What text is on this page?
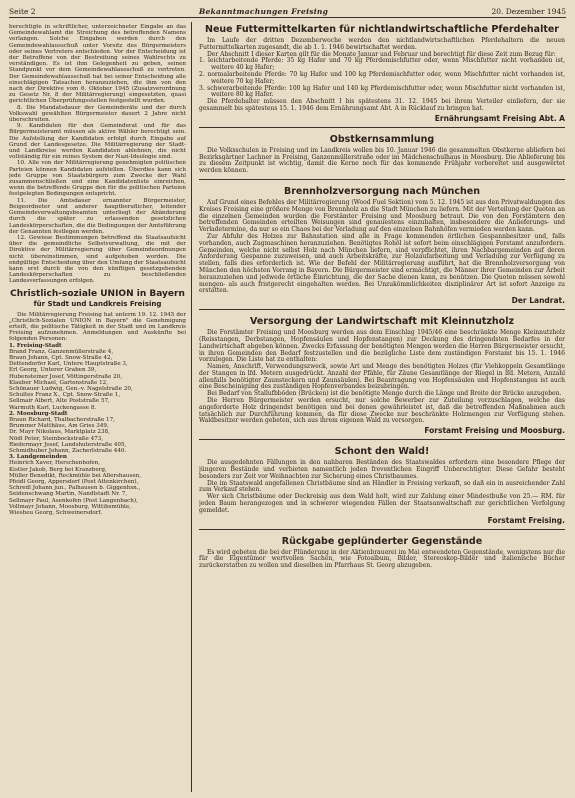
Seite 2	Bekanntmachungen Freising	20. Dezember 1945

berechtigte in schriftlicher, unterzeichneter Eingabe an das Gemeindewahlamt die Streichung des betreffenden Namens verlangen. Solche Eingaben werden durch den Gemeindewahlausschuß unter Vorsitz des Bürgermeisters oder seines Vertreters entschieden. Vor der Entscheidung ist der Betroffene von der Bestreitung seines Wahlrechts zu verständigen. Es ist ihm Gelegenheit zu geben, seinen Standpunkt vor dem Gemeindewahlausschuß zu vertreten. Der Gemeindewahlausschuß hat bei seiner Entscheidung alle einschlägigen Tatsachen heranzuziehen, die ihm von den nach der Direktive vom 6. Oktober 1945 (Zusatzverordnung zu Gesetz Nr. 8 der Militärregierung) eingesetzten, quasi gerichtlichen Überprüfungsstellen festgestellt wurden.

8. Die Mandatsdauer der Gemeinderäte und der durch Volkswahl gewählten Bürgermeister dauert 2 Jahre nicht überschreiten.

9. Kandidaten für den Gemeinderat und für das Bürgermeisteramt müssen als aktive Wähler berechtigt sein. Die Aufstellung der Kandidaten erfolgt durch Eingabe auf Grund der Landesgesetze. Die Militärregierung der Stadt- und Landkreise werden Kandidaten ablehnen, die nicht vollständig für ein reines System der Nazi-Ideologie sind.

10. Alle von der Militärregierung genehmigten politischen Parteien können Kandidaten aufstellen. Überdies kann sich jede Gruppe von Staatsbürgern zum Zwecke der Wahl zusammenschließen und eine Kandidatenliste einreichen, wenn die betreffende Gruppe den für die politischen Parteien festgelegten Bedingungen entspricht.

11. Die Amtsdauer ernannter Bürgermeister, Beigeordneter und anderer hauptberuflicher, leitender Gemeindeverwaltungsbeamten unterliegt der Abänderung durch die später zu erlassenden gesetzlichen Landeskörperschaften, die die Bedingungen der Amtsführung der Genannten festlegen werden.

12. Gewisse Bestimmungen betreffend die Staatsaufsicht über die gemeindliche Selbstverwaltung, die mit der Direktive der Militärregierung über Gemeindeordnungen nicht übereinstimmen, sind aufgehoben worden. Die endgültige Entscheidung über den Umfang der Staatsaufsicht kann erst durch die von den künftigen gesetzgebenden Landeskörperschaften zu beschließenden Landesverfassungen erfolgen.

Christlich-soziale UNION in Bayern
für Stadt und Landkreis Freising

Die Militärregierung Freising hat unterm 19. 12. 1945 der „Christlich-Sozialen UNION in Bayern" die Genehmigung erteilt, die politische Tätigkeit in der Stadt und im Landkreis Freising aufzunehmen. Anmeldungen und Auskünfte bei folgenden Personen:

1. Freising-Stadt

Brand Franz, Ganzenmüllerstraße 4,

Braun Johann, Cpt. Snow-Straße 42,

Dettendorfer Karl, Untere Hauptstraße 3,

Erl Georg, Unterer Graben 39,

Hubensteiner Josef, Vöttingerstraße 20,

Klauber Michael, Gartenstraße 12,

Schönauer Ludwig, Gen.-v. Nagelstraße 20,

Schultes Franz X., Cpt. Snow-Straße 1,

Sellmair Albert, Alte Poststraße 57,

Warmuth Karl, Luckengasse 8.

2. Moosburg-Stadt

Braun Richard, Thalbacherstraße 17,

Brummer Matthäus, Am Gries 349,

Dr. Mayr Nikolaus, Marktplatz 238,

Nödl Peter, Steinbockstraße 473,

Riedermayr Josef, Landshuterstraße 405,

Schmidhuber Johann, Zacherlstraße 440.

3. Landgemeinden

Heinrich Xaver, Herschenhofen,

Kistler Jakob, Berg bei Kranzberg,

Müller Benedikt, Reckmühle bei Allershausen,

Pfeidl Georg, Appersdorf (Post Attenkirchen),

Schredl Johann jun., Palhausen b. Giggenhsn.,

Seidenschwang Martin, Nandlstadt Nr. 7,

Sellmayr Paul, Asenkofen (Post Langenbach),

Vollmayr Johann, Moosburg, Wittibsmühle,

Wiesheu Georg, Schweinersdorf.

Neue Futtermittelkarten für nichtlandwirtschaftliche Pferdehalter

Im Laufe der dritten Dezemberwoche werden den nichtlandwirtschaftlichen Pferdehaltern die neuen Futtermittelkarten zugesandt, die ab 1. 1. 1946 bewirtschaftet werden.

Der Abschnitt I dieser Karten gilt für die Monate Januar und Februar und berechtigt für diese Zeit zum Bezug für:

1. leichtarbeitende Pferde: 35 kg Hafer und 70 kg Pferdemischfutter oder, wenn Mischfutter nicht vorhanden ist, weitere 40 kg Hafer;

2. normalarbeitende Pferde: 70 kg Hafer und 100 kg Pferdemischfutter oder, wenn Mischfutter nicht vorhanden ist, weitere 70 kg Hafer;

3. schwerarbeitende Pferde: 100 kg Hafer und 140 kg Pferdemischfutter oder, wenn Mischfutter nicht vorhanden ist, weitere 80 kg Hafer.

Die Pferdehalter müssen den Abschnitt I bis spätestens 31. 12. 1945 bei ihrem Verteiler einliefern, der sie gesammelt bis spätestens 15. 1. 1946 dem Ernährungsamt Abt. A in Rücklauf zu bringen hat.

Ernährungsamt Freising Abt. A
Obstkernsammlung

Die Volksschulen in Freising und im Landkreis wollen bis 10. Januar 1946 die gesammelten Obstkerne abliefern bei Bezirksgärtner Lachner in Freising, Ganzenmüllerstraße oder im Mädchenschulhaus in Moosburg. Die Ablieferung bis zu diesem Zeitpunkt ist wichtig, damit die Kerne noch für das kommende Frühjahr vorbereitet und ausgewertet werden können.

Brennholzversorgung nach München

Auf Grund eines Befehles der Militärregierung (Wood Fuel Sektion) vom 5. 12. 1945 ist aus den Privatwaldungen des Kreises Freising eine größere Menge von Brennholz an die Stadt München zu liefern. Mit der Verteilung der Quoten an die einzelnen Gemeinden wurden die Forstämter Freising und Moosburg betraut. Die von den Forstämtern den betreffenden Gemeinden erteilten Weisungen sind genauestens einzuhalten, insbesondere die Anlieferungs- und Verladetermine, da nur so ein Chaos bei der Verladung auf den einzelnen Bahnhöfen vermieden werden kann.

Zur Abfuhr des Holzes zur Bahnstation sind alle in Frage kommenden örtlichen Gespannbesitzer und, falls vorhanden, auch Zugmaschinen heranzuziehen. Benötigtes Rohöl ist sofort beim einschlägigen Forstamt anzufordern. Gemeinden, welche nicht selbst Holz nach München liefern, sind verpflichtet, ihren Nachbargemeinden auf deren Anforderung Gespanne zuzuweisen, und auch Arbeitskräfte, zur Holzaufarbeitung und Verladung zur Verfügung zu stellen, falls dies erforderlich ist. Wie der Befehl der Militärregierung ausführt, hat die Brennholzversorgung von München den höchsten Vorrang in Bayern. Die Bürgermeister sind ermächtigt, die Männer ihrer Gemeinden zur Arbeit heranzuziehen und jedwede örtliche Einrichtung, die der Sache dienen kann, zu benützen. Die Quoten müssen sowohl mengen- als auch fristgerecht eingehalten werden. Bei Unzukömmlichkeiten disziplinärer Art ist sofort Anzeige zu erstatten.

Der Landrat.
Versorgung der Landwirtschaft mit Kleinnutzholz

Die Forstämter Freising und Moosburg werden aus dem Einschlag 1945/46 eine beschränkte Menge Kleinnutzholz (Reisstangen, Derbstangen, Hopfensäulen und Hopfenstangen) zur Deckung des dringendsten Bedarfes in der Landwirtschaft abgeben können. Zwecks Erfassung der benötigten Mengen werden die Herren Bürgermeister ersucht, in ihren Gemeinden den Bedarf festzustellen und die bezügliche Liste dem zuständigen Forstamt bis 15. 1. 1946 vorzulegen. Die Liste hat zu enthalten:

Namen, Anschrift, Verwendungszweck, sowie Art und Menge des benötigten Holzes (für Viehkoppeln Gesamtlänge der Stangen in lfd. Metern ausgedrückt. Anzahl der Pfähle, für Zäune Gesamtlänge der Riegel in lfd. Metern, Anzahl allenfalls benötigter Zaunsteckern und Zaunsäulen). Bei Beantragung von Hopfensäulen und Hopfenstangen ist auch eine Bescheinigung des zuständigen Hopfenverbandes beizubringen.

Bei Bedarf von Stallufbböden (Brücken) ist die benötigte Menge durch die Länge und Breite der Brücke anzugeben.

Die Herren Bürgermeister werden ersucht, nur solche Bewerber zur Zuteilung vorzuschlagen, welche das angeforderte Holz dringendst benötigen und bei denen gewährleistet ist, daß die betreffenden Maßnahmen auch tatsächlich zur Durchführung kommen, da für diese Zwecke nur beschränkte Holzmengen zur Verfügung stehen. Waldbesitzer werden gebeten, sich aus ihrem eigenen Wald zu versorgen.

Forstamt Freising und Moosburg.
Schont den Wald!

Die ausgedehnten Fällungen in den nahbaren Beständen des Staatswaldes erfordern eine besondere Pflege der jüngeren Bestände und verbieten namentlich jeden freventlichen Eingriff Unberechtigter. Diese Gefahr besteht besonders zur Zeit vor Weihnachten zur Sicherung eines Christbaumes.

Die im Staatswald angefallenen Christbäume sind an Händler in Freising verkauft, so daß ein in ausreichender Zahl zum Verkauf stehen.

Wer sich Christbäume oder Deckreisig aus dem Wald holt, wird zur Zahlung einer Mindestbuße von 25.— RM. für jeden Baum herangezogen und in schwerer wiegenden Fällen der Staatsanwaltschaft zur gerichtlichen Verfolgung gemeldet.

Forstamt Freising.
Rückgabe geplünderter Gegenstände

Es wird gebeten die bei der Plünderung in der Aktienbrauerei im Mai entwendeten Gegenstände, wenigstens nur die für die Eigentümer wertvollen Sachen, wie Fotoalbum, Bilder, Stereoskop-Bilder und italienische Bücher zurückerstatten zu wollen und dieselben im Pfarrhaus St. Georg abzugeben.
